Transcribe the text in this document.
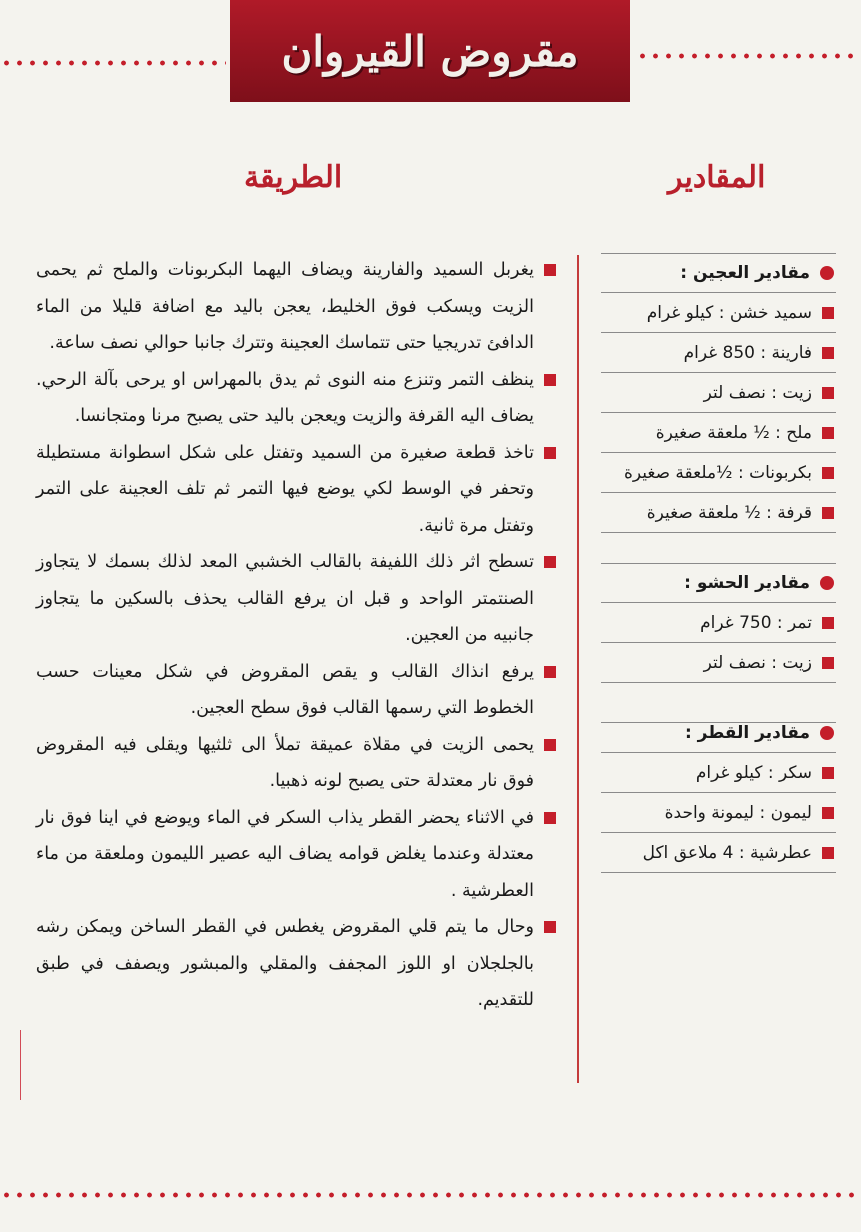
مقروض القيروان
المقادير
الطريقة
مقادير العجين :
سميد خشن : كيلو غرام
فارينة : 850 غرام
زيت : نصف لتر
ملح : ½ ملعقة صغيرة
بكربونات : ½ملعقة صغيرة
قرفة : ½ ملعقة صغيرة
مقادير الحشو :
تمر : 750 غرام
زيت : نصف لتر
مقادير القطر :
سكر : كيلو غرام
ليمون : ليمونة واحدة
عطرشية : 4 ملاعق اكل
يغربل السميد والفارينة ويضاف اليهما البكربونات والملح ثم يحمى الزيت ويسكب فوق الخليط، يعجن باليد مع اضافة قليلا من الماء الدافئ تدريجيا حتى تتماسك العجينة وتترك جانبا حوالي نصف ساعة.
ينظف التمر وتنزع منه النوى ثم يدق بالمهراس او يرحى بآلة الرحي. يضاف اليه القرفة والزيت ويعجن باليد حتى يصبح مرنا ومتجانسا.
تاخذ قطعة صغيرة من السميد وتفتل على شكل اسطوانة مستطيلة وتحفر في الوسط لكي يوضع فيها التمر ثم تلف العجينة على التمر وتفتل مرة ثانية.
تسطح اثر ذلك اللفيفة بالقالب الخشبي المعد لذلك بسمك لا يتجاوز الصنتمتر الواحد و قبل ان يرفع القالب يحذف بالسكين ما يتجاوز جانبيه من العجين.
يرفع انذاك القالب و يقص المقروض في شكل معينات حسب الخطوط التي رسمها القالب فوق سطح العجين.
يحمى الزيت في مقلاة عميقة تملأ الى ثلثيها ويقلى فيه المقروض فوق نار معتدلة حتى يصبح لونه ذهبيا.
في الاثناء يحضر القطر يذاب السكر في الماء ويوضع في اينا فوق نار معتدلة وعندما يغلض قوامه يضاف اليه عصير الليمون وملعقة من ماء العطرشية .
وحال ما يتم قلي المقروض يغطس في القطر الساخن ويمكن رشه بالجلجلان او اللوز المجفف والمقلي والمبشور ويصفف في طبق للتقديم.
